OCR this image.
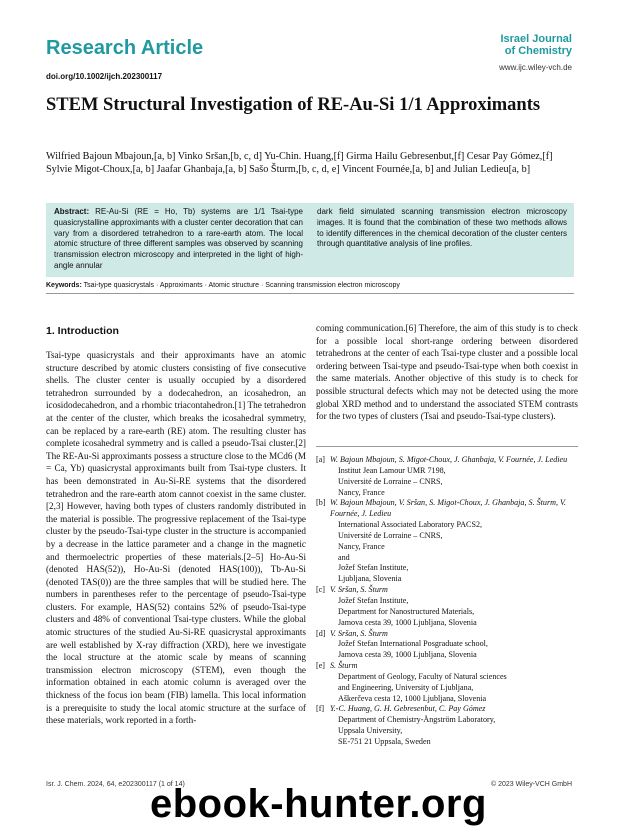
Research Article	Israel Journal
of Chemistry
doi.org/10.1002/ijch.202300117
www.ijc.wiley-vch.de
STEM Structural Investigation of RE-Au-Si 1/1 Approximants
Wilfried Bajoun Mbajoun,[a, b] Vinko Sršan,[b, c, d] Yu-Chin. Huang,[f] Girma Hailu Gebresenbut,[f] Cesar Pay Gómez,[f]
Sylvie Migot-Choux,[a, b] Jaafar Ghanbaja,[a, b] Sašo Šturm,[b, c, d, e] Vincent Fournée,[a, b] and Julian Ledieu[a, b]
Abstract: RE-Au-Si (RE = Ho, Tb) systems are 1/1 Tsai-type quasicrystalline approximants with a cluster center decoration that can vary from a disordered tetrahedron to a rare-earth atom. The local atomic structure of three different samples was observed by scanning transmission electron microscopy and interpreted in the light of high-angle annular
dark field simulated scanning transmission electron microscopy images. It is found that the combination of these two methods allows to identify differences in the chemical decoration of the cluster centers through quantitative analysis of line profiles.
Keywords: Tsai-type quasicrystals · Approximants · Atomic structure · Scanning transmission electron microscopy
1. Introduction

Tsai-type quasicrystals and their approximants have an atomic structure described by atomic clusters consisting of five consecutive shells. The cluster center is usually occupied by a disordered tetrahedron surrounded by a dodecahedron, an icosahedron, an icosidodecahedron, and a rhombic triacontahedron.[1] The tetrahedron at the center of the cluster, which breaks the icosahedral symmetry, can be replaced by a rare-earth (RE) atom. The resulting cluster has complete icosahedral symmetry and is called a pseudo-Tsai cluster.[2] The RE-Au-Si approximants possess a structure close to the MCd6 (M = Ca, Yb) quasicrystal approximants built from Tsai-type clusters. It has been demonstrated in Au-Si-RE systems that the disordered tetrahedron and the rare-earth atom cannot coexist in the same cluster.[2,3] However, having both types of clusters randomly distributed in the material is possible. The progressive replacement of the Tsai-type cluster by the pseudo-Tsai-type cluster in the structure is accompanied by a decrease in the lattice parameter and a change in the magnetic and thermoelectric properties of these materials.[2–5] Ho-Au-Si (denoted HAS(52)), Ho-Au-Si (denoted HAS(100)), Tb-Au-Si (denoted TAS(0)) are the three samples that will be studied here. The numbers in parentheses refer to the percentage of pseudo-Tsai-type clusters. For example, HAS(52) contains 52% of pseudo-Tsai-type clusters and 48% of conventional Tsai-type clusters. While the global atomic structures of the studied Au-Si-RE quasicrystal approximants are well established by X-ray diffraction (XRD), here we investigate the local structure at the atomic scale by means of scanning transmission electron microscopy (STEM), even though the information obtained in each atomic column is averaged over the thickness of the focus ion beam (FIB) lamella. This local information is a prerequisite to study the local atomic structure at the surface of these materials, work reported in a forth-

coming communication.[6] Therefore, the aim of this study is to check for a possible local short-range ordering between disordered tetrahedrons at the center of each Tsai-type cluster and a possible local ordering between Tsai-type and pseudo-Tsai-type when both coexist in the same materials. Another objective of this study is to check for possible structural defects which may not be detected using the more global XRD method and to understand the associated STEM contrasts for the two types of clusters (Tsai and pseudo-Tsai-type clusters).

[a] W. Bajoun Mbajoun, S. Migot-Choux, J. Ghanbaja, V. Fournée, J. Ledieu
Institut Jean Lamour UMR 7198,
Université de Lorraine – CNRS,
Nancy, France
[b] W. Bajoun Mbajoun, V. Sršan, S. Migot-Choux, J. Ghanbaja, S. Šturm, V. Fournée, J. Ledieu
International Associated Laboratory PACS2,
Université de Lorraine – CNRS,
Nancy, France
and
Jožef Stefan Institute,
Ljubljana, Slovenia
[c] V. Sršan, S. Šturm
Jožef Stefan Institute,
Department for Nanostructured Materials,
Jamova cesta 39, 1000 Ljubljana, Slovenia
[d] V. Sršan, S. Šturm
Jožef Stefan International Posgraduate school,
Jamova cesta 39, 1000 Ljubljana, Slovenia
[e] S. Šturm
Department of Geology, Faculty of Natural sciences
and Engineering, University of Ljubljana,
Aškerčeva cesta 12, 1000 Ljubljana, Slovenia
[f] Y.-C. Huang, G. H. Gebresenbut, C. Pay Gómez
Department of Chemistry-Ångström Laboratory,
Uppsala University,
SE-751 21 Uppsala, Sweden
Isr. J. Chem. 2024, 64, e202300117 (1 of 14)	© 2023 Wiley-VCH GmbH
ebook-hunter.org
